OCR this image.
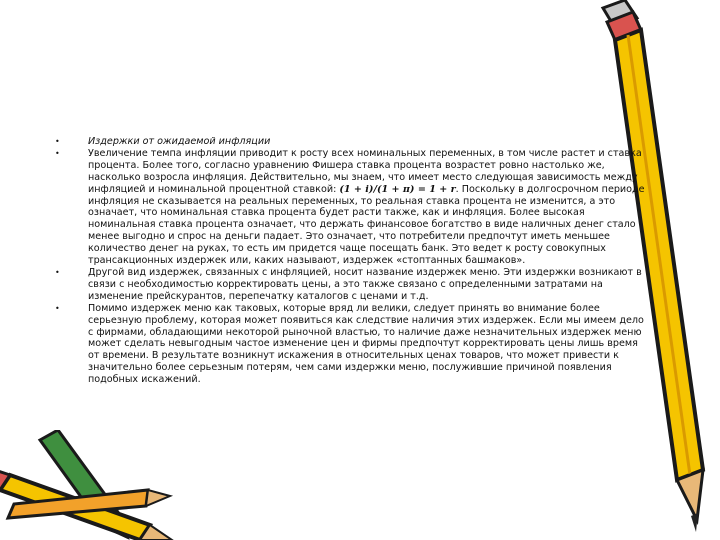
•	Издержки от ожидаемой инфляции
•	Увеличение темпа инфляции приводит к росту всех номинальных переменных, в том числе растет и ставка процента. Более того, согласно уравнению Фишера ставка процента возрастет ровно настолько же, насколько возросла инфляция. Действительно, мы знаем, что имеет место следующая зависимость между инфляцией и номинальной процентной ставкой: (1 + i)/(1 + π) = 1 + r. Поскольку в долгосрочном периоде инфляция не сказывается на реальных переменных, то реальная ставка процента не изменится, а это означает, что номинальная ставка процента будет расти также, как и инфляция. Более высокая номинальная ставка процента означает, что держать финансовое богатство в виде наличных денег стало менее выгодно и спрос на деньги падает. Это означает, что потребители предпочтут иметь меньшее количество денег на руках, то есть им придется чаще посещать банк. Это ведет к росту совокупных трансакционных издержек или, каких называют, издержек «стоптанных башмаков».
•	Другой вид издержек, связанных с инфляцией, носит название издержек меню. Эти издержки возникают в связи с необходимостью корректировать цены, а это также связано с определенными затратами на изменение прейскурантов, перепечатку каталогов с ценами и т.д.
•	Помимо издержек меню как таковых, которые вряд ли велики, следует принять во внимание более серьезную проблему, которая может появиться как следствие наличия этих издержек. Если мы имеем дело с фирмами, обладающими некоторой рыночной властью, то наличие даже незначительных издержек меню может сделать невыгодным частое изменение цен и фирмы предпочтут корректировать цены лишь время от времени. В результате возникнут искажения в относительных ценах товаров, что может привести к значительно более серьезным потерям, чем сами издержки меню, послужившие причиной появления подобных искажений.
